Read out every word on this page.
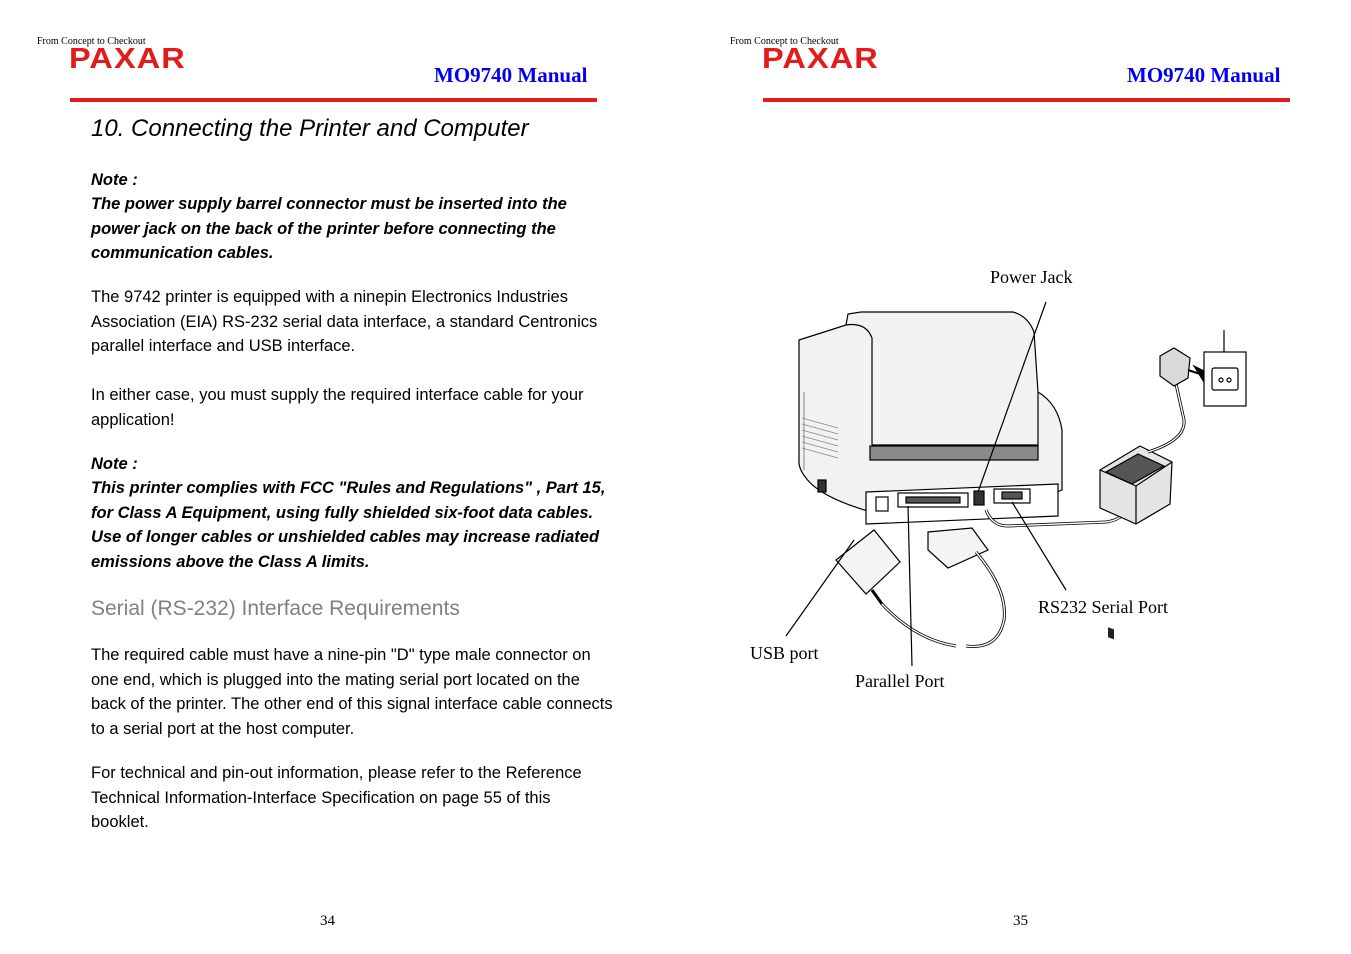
From Concept to Checkout
PAXAR	MO9740 Manual
10. Connecting the Printer and Computer
Note :
The power supply barrel connector must be inserted into the power jack on the back of the printer before connecting the communication cables.
The 9742 printer is equipped with a ninepin Electronics Industries Association (EIA) RS-232 serial data interface, a standard Centronics parallel interface and USB interface.
In either case, you must supply the required interface cable for your application!
Note :
This printer complies with FCC "Rules and Regulations" , Part 15, for Class A Equipment, using fully shielded six-foot data cables. Use of longer cables or unshielded cables may increase radiated emissions above the Class A limits.
Serial (RS-232) Interface Requirements
The required cable must have a nine-pin "D" type male connector on one end, which is plugged into the mating serial port located on the back of the printer. The other end of this signal interface cable connects to a serial port at the host computer.
For technical and pin-out information, please refer to the Reference Technical Information-Interface Specification on page 55 of this booklet.
34
From Concept to Checkout
PAXAR	MO9740 Manual
Power Jack
RS232 Serial Port
USB port
Parallel Port
35
